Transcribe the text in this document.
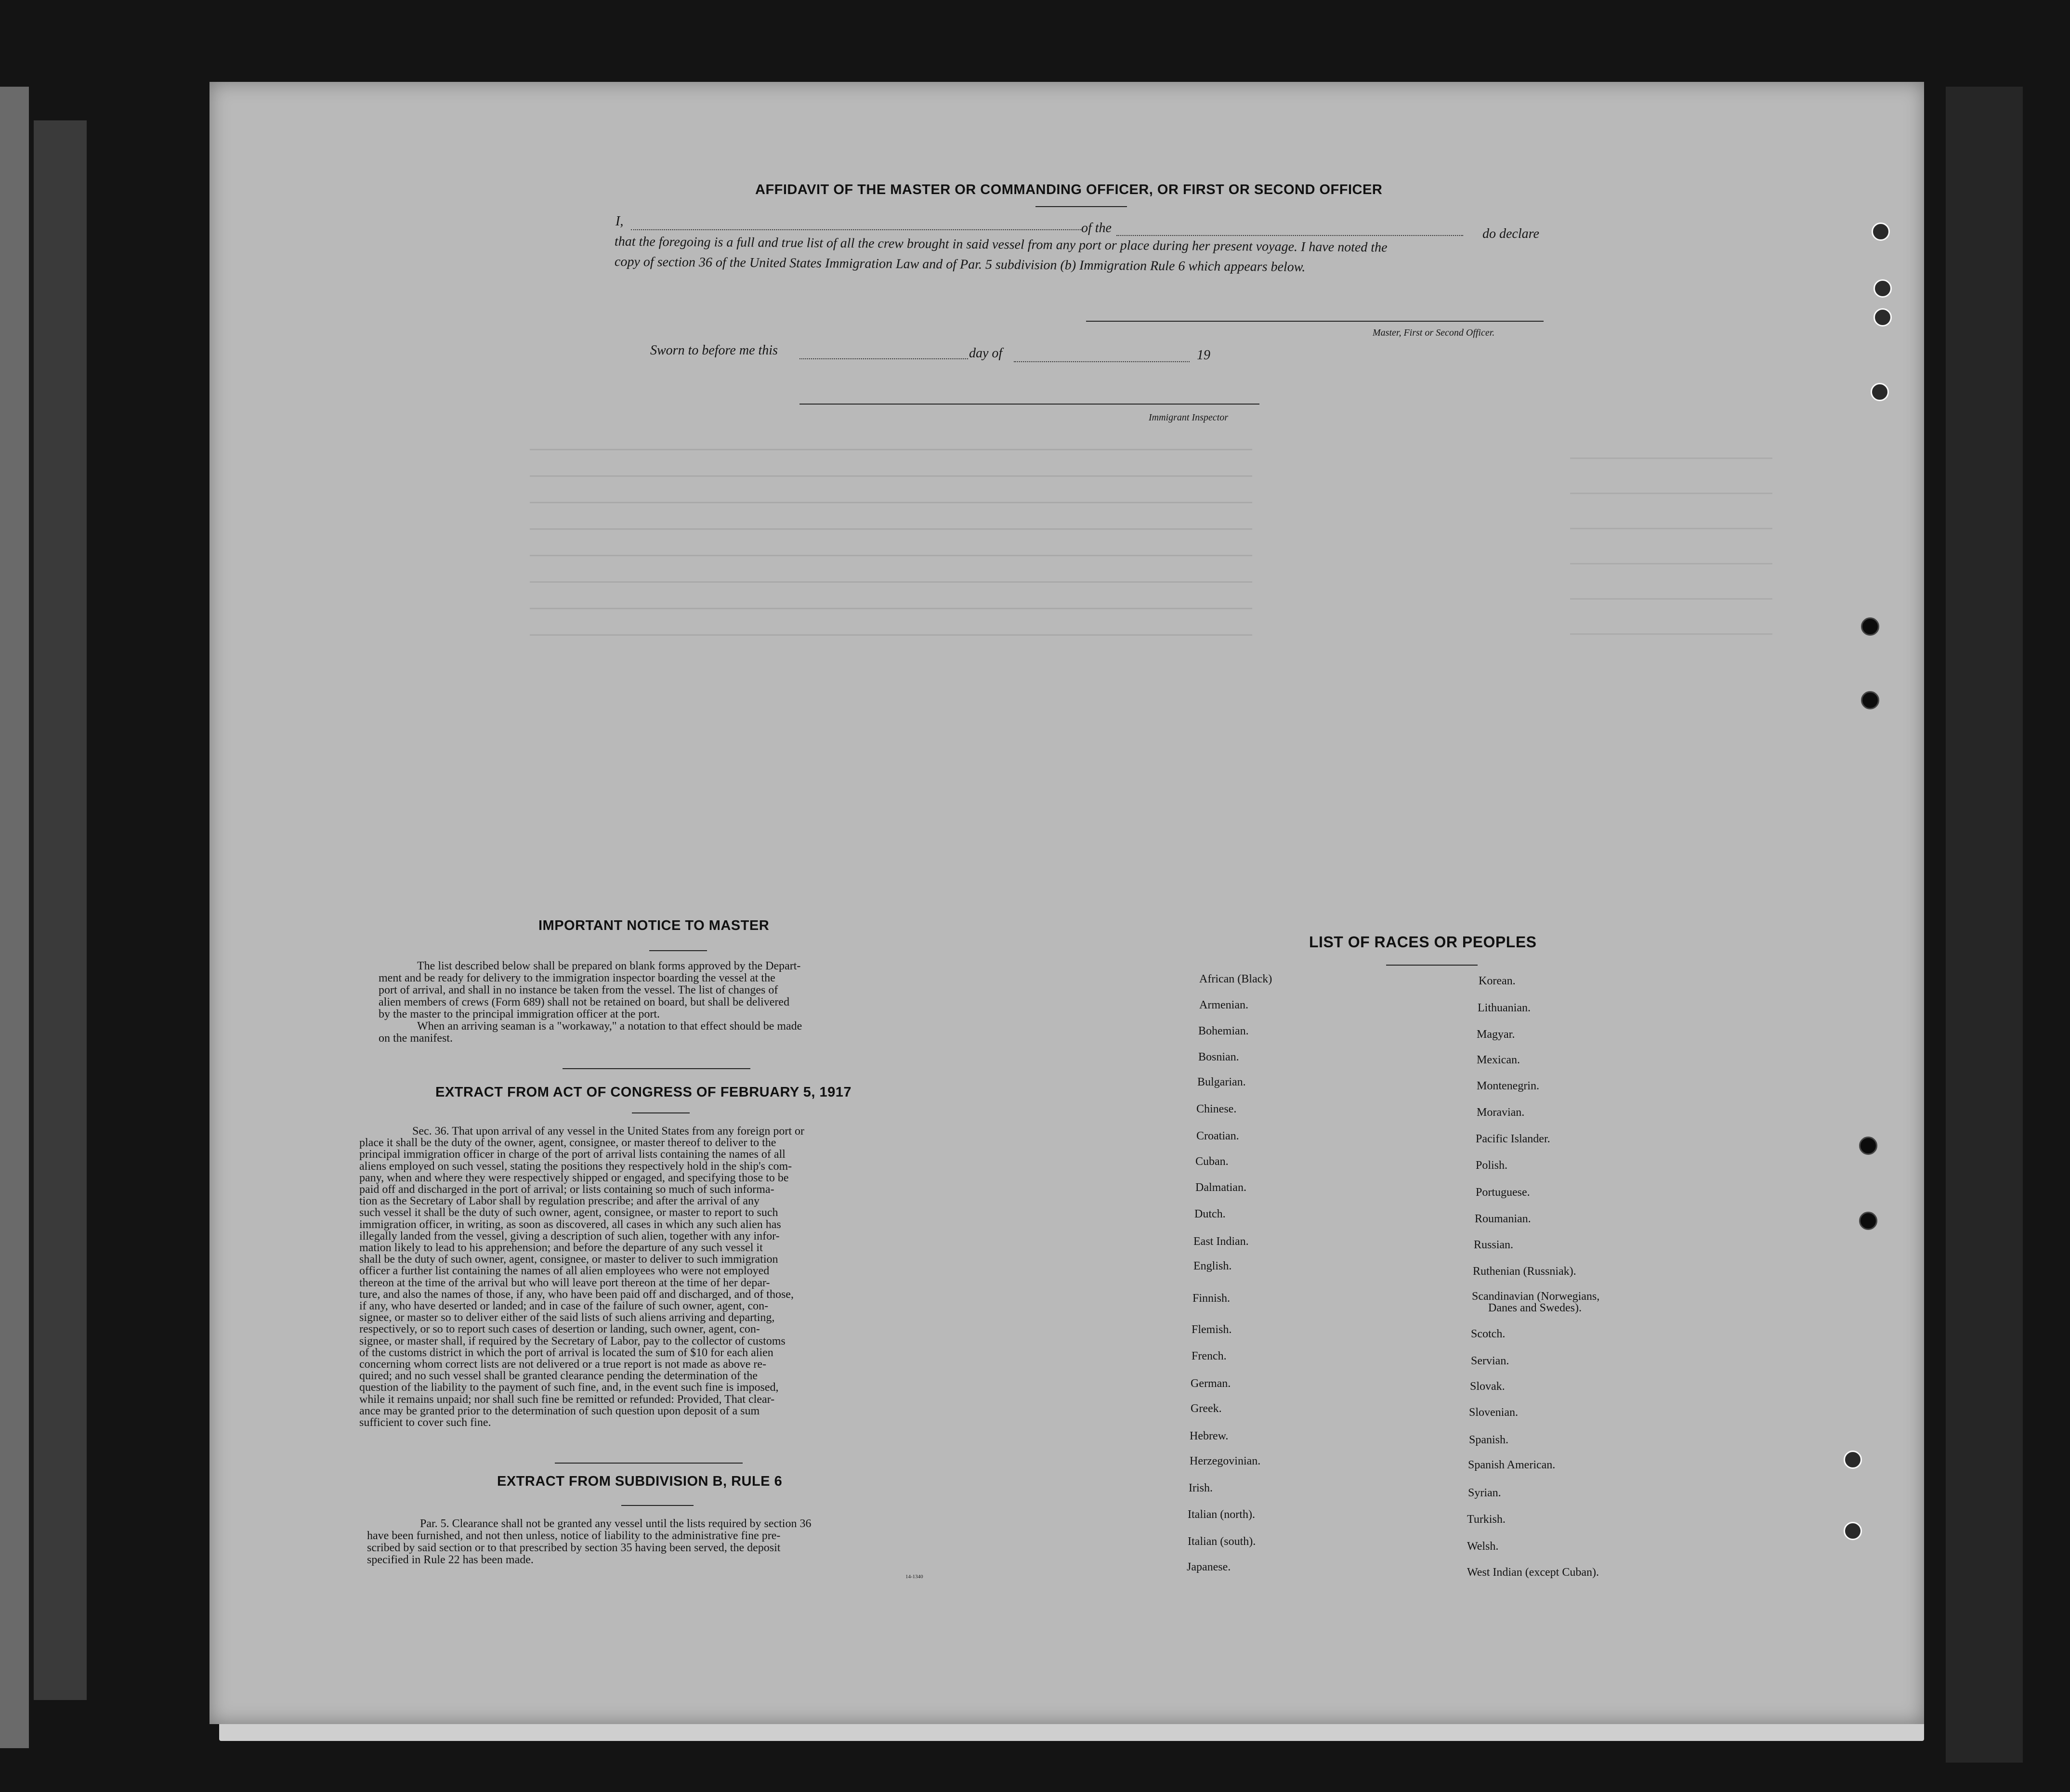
AFFIDAVIT OF THE MASTER OR COMMANDING OFFICER, OR FIRST OR SECOND OFFICER
I,	of the	do declare
that the foregoing is a full and true list of all the crew brought in said vessel from any port or place during her present voyage. I have noted the
copy of section 36 of the United States Immigration Law and of Par. 5 subdivision (b) Immigration Rule 6 which appears below.
Master, First or Second Officer.
Sworn to before me this	day of	19
Immigrant Inspector
IMPORTANT NOTICE TO MASTER
The list described below shall be prepared on blank forms approved by the Depart-
ment and be ready for delivery to the immigration inspector boarding the vessel at the
port of arrival, and shall in no instance be taken from the vessel. The list of changes of
alien members of crews (Form 689) shall not be retained on board, but shall be delivered
by the master to the principal immigration officer at the port.
When an arriving seaman is a "workaway," a notation to that effect should be made
on the manifest.
EXTRACT FROM ACT OF CONGRESS OF FEBRUARY 5, 1917
Sec. 36. That upon arrival of any vessel in the United States from any foreign port or
place it shall be the duty of the owner, agent, consignee, or master thereof to deliver to the
principal immigration officer in charge of the port of arrival lists containing the names of all
aliens employed on such vessel, stating the positions they respectively hold in the ship's com-
pany, when and where they were respectively shipped or engaged, and specifying those to be
paid off and discharged in the port of arrival; or lists containing so much of such informa-
tion as the Secretary of Labor shall by regulation prescribe; and after the arrival of any
such vessel it shall be the duty of such owner, agent, consignee, or master to report to such
immigration officer, in writing, as soon as discovered, all cases in which any such alien has
illegally landed from the vessel, giving a description of such alien, together with any infor-
mation likely to lead to his apprehension; and before the departure of any such vessel it
shall be the duty of such owner, agent, consignee, or master to deliver to such immigration
officer a further list containing the names of all alien employees who were not employed
thereon at the time of the arrival but who will leave port thereon at the time of her depar-
ture, and also the names of those, if any, who have been paid off and discharged, and of those,
if any, who have deserted or landed; and in case of the failure of such owner, agent, con-
signee, or master so to deliver either of the said lists of such aliens arriving and departing,
respectively, or so to report such cases of desertion or landing, such owner, agent, con-
signee, or master shall, if required by the Secretary of Labor, pay to the collector of customs
of the customs district in which the port of arrival is located the sum of $10 for each alien
concerning whom correct lists are not delivered or a true report is not made as above re-
quired; and no such vessel shall be granted clearance pending the determination of the
question of the liability to the payment of such fine, and, in the event such fine is imposed,
while it remains unpaid; nor shall such fine be remitted or refunded: Provided, That clear-
ance may be granted prior to the determination of such question upon deposit of a sum
sufficient to cover such fine.
EXTRACT FROM SUBDIVISION B, RULE 6
Par. 5. Clearance shall not be granted any vessel until the lists required by section 36
have been furnished, and not then unless, notice of liability to the administrative fine pre-
scribed by said section or to that prescribed by section 35 having been served, the deposit
specified in Rule 22 has been made.
14-1340
LIST OF RACES OR PEOPLES
African (Black)
Armenian.
Bohemian.
Bosnian.
Bulgarian.
Chinese.
Croatian.
Cuban.
Dalmatian.
Dutch.
East Indian.
English.
Finnish.
Flemish.
French.
German.
Greek.
Hebrew.
Herzegovinian.
Irish.
Italian (north).
Italian (south).
Japanese.
Korean.
Lithuanian.
Magyar.
Mexican.
Montenegrin.
Moravian.
Pacific Islander.
Polish.
Portuguese.
Roumanian.
Russian.
Ruthenian (Russniak).
Scandinavian (Norwegians,
Danes and Swedes).
Scotch.
Servian.
Slovak.
Slovenian.
Spanish.
Spanish American.
Syrian.
Turkish.
Welsh.
West Indian (except Cuban).
